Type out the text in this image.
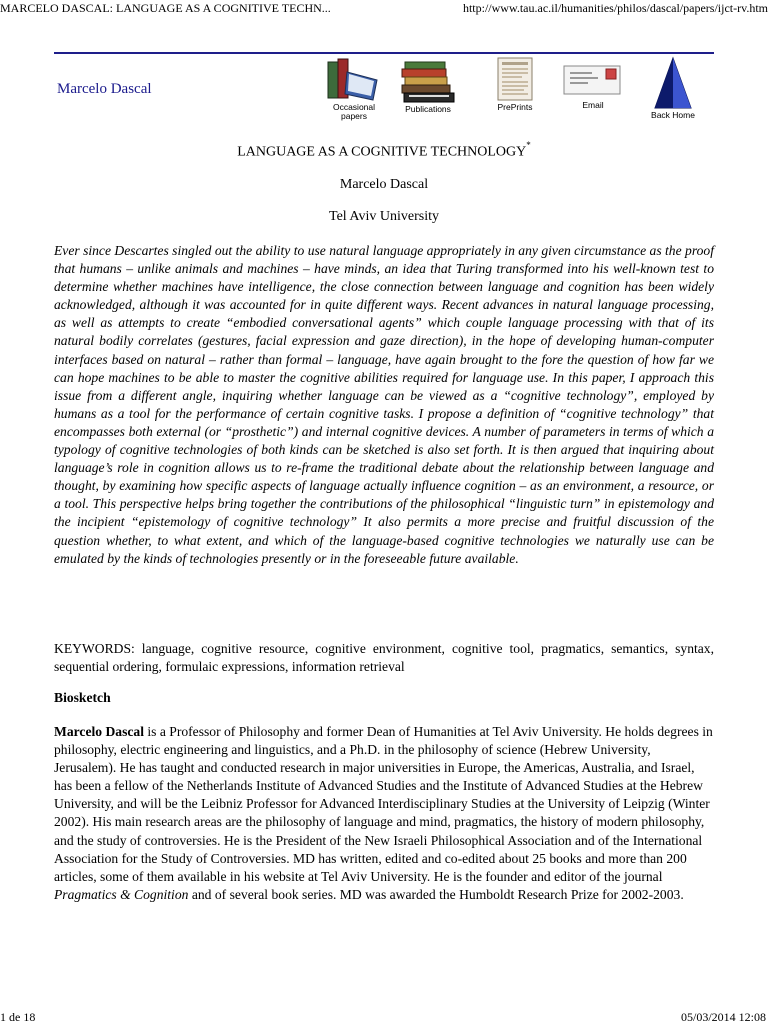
MARCELO DASCAL: LANGUAGE AS A COGNITIVE TECHN...	http://www.tau.ac.il/humanities/philos/dascal/papers/ijct-rv.htm
Marcelo Dascal
Occasional papers
Publications	PrePrints	Email
Back Home
LANGUAGE AS A COGNITIVE TECHNOLOGY*
Marcelo Dascal
Tel Aviv University
Ever since Descartes singled out the ability to use natural language appropriately in any given circumstance as the proof that humans – unlike animals and machines – have minds, an idea that Turing transformed into his well-known test to determine whether machines have intelligence, the close connection between language and cognition has been widely acknowledged, although it was accounted for in quite different ways. Recent advances in natural language processing, as well as attempts to create “embodied conversational agents” which couple language processing with that of its natural bodily correlates (gestures, facial expression and gaze direction), in the hope of developing human-computer interfaces based on natural – rather than formal – language, have again brought to the fore the question of how far we can hope machines to be able to master the cognitive abilities required for language use. In this paper, I approach this issue from a different angle, inquiring whether language can be viewed as a “cognitive technology”, employed by humans as a tool for the performance of certain cognitive tasks. I propose a definition of “cognitive technology” that encompasses both external (or “prosthetic”) and internal cognitive devices. A number of parameters in terms of which a typology of cognitive technologies of both kinds can be sketched is also set forth. It is then argued that inquiring about language’s role in cognition allows us to re-frame the traditional debate about the relationship between language and thought, by examining how specific aspects of language actually influence cognition – as an environment, a resource, or a tool. This perspective helps bring together the contributions of the philosophical “linguistic turn” in epistemology and the incipient “epistemology of cognitive technology” It also permits a more precise and fruitful discussion of the question whether, to what extent, and which of the language-based cognitive technologies we naturally use can be emulated by the kinds of technologies presently or in the foreseeable future available.
KEYWORDS: language, cognitive resource, cognitive environment, cognitive tool, pragmatics, semantics, syntax, sequential ordering, formulaic expressions, information retrieval
Biosketch
Marcelo Dascal is a Professor of Philosophy and former Dean of Humanities at Tel Aviv University. He holds degrees in philosophy, electric engineering and linguistics, and a Ph.D. in the philosophy of science (Hebrew University, Jerusalem). He has taught and conducted research in major universities in Europe, the Americas, Australia, and Israel, has been a fellow of the Netherlands Institute of Advanced Studies and the Institute of Advanced Studies at the Hebrew University, and will be the Leibniz Professor for Advanced Interdisciplinary Studies at the University of Leipzig (Winter 2002). His main research areas are the philosophy of language and mind, pragmatics, the history of modern philosophy, and the study of controversies. He is the President of the New Israeli Philosophical Association and of the International Association for the Study of Controversies. MD has written, edited and co-edited about 25 books and more than 200 articles, some of them available in his website at Tel Aviv University. He is the founder and editor of the journal Pragmatics & Cognition and of several book series. MD was awarded the Humboldt Research Prize for 2002-2003.
1 de 18	05/03/2014 12:08
